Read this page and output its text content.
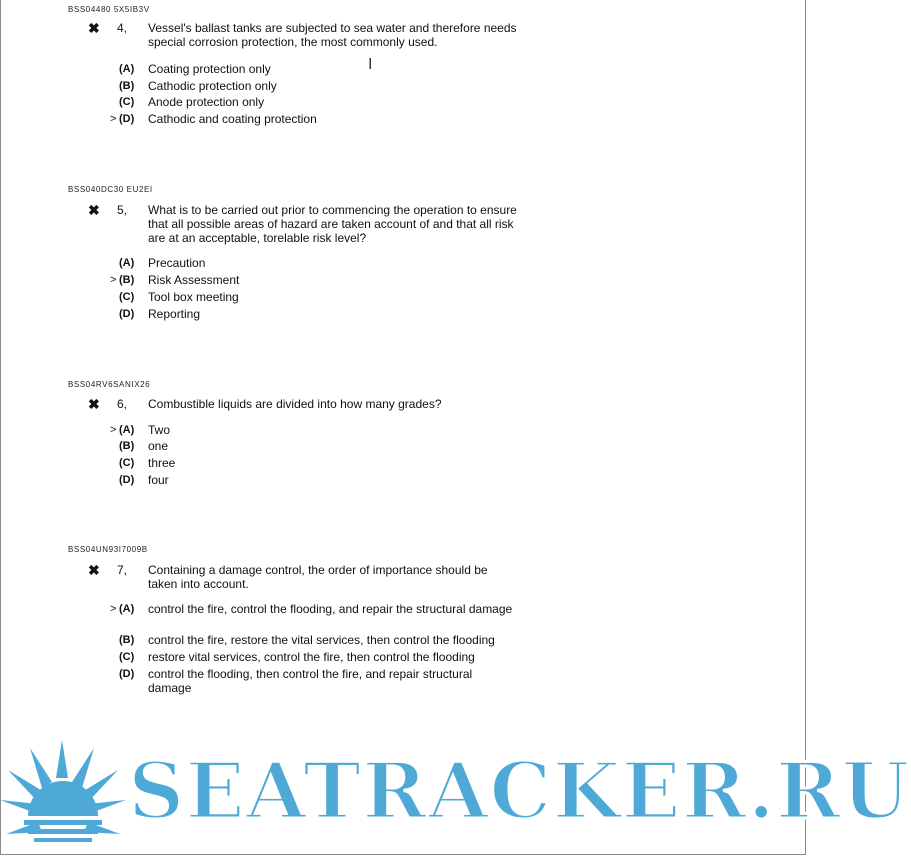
I
BSS04480 5X5IB3V
✖ 4, Vessel's ballast tanks are subjected to sea water and therefore needs special corrosion protection, the most commonly used.
(A) Coating protection only
(B) Cathodic protection only
(C) Anode protection only
> (D) Cathodic and coating protection
BSS040DC30 EU2EI
✖ 5, What is to be carried out prior to commencing the operation to ensure that all possible areas of hazard are taken account of and that all risk are at an acceptable, torelable risk level?
(A) Precaution
> (B) Risk Assessment
(C) Tool box meeting
(D) Reporting
BSS04RV6SANIX26
✖ 6, Combustible liquids are divided into how many grades?
> (A) Two
(B) one
(C) three
(D) four
BSS04UN93I7009B
✖ 7, Containing a damage control, the order of importance should be taken into account.
> (A) control the fire, control the flooding, and repair the structural damage
(B) control the fire, restore the vital services, then control the flooding
(C) restore vital services, control the fire, then control the flooding
(D) control the flooding, then control the fire, and repair structural damage
SEATRACKER.RU
